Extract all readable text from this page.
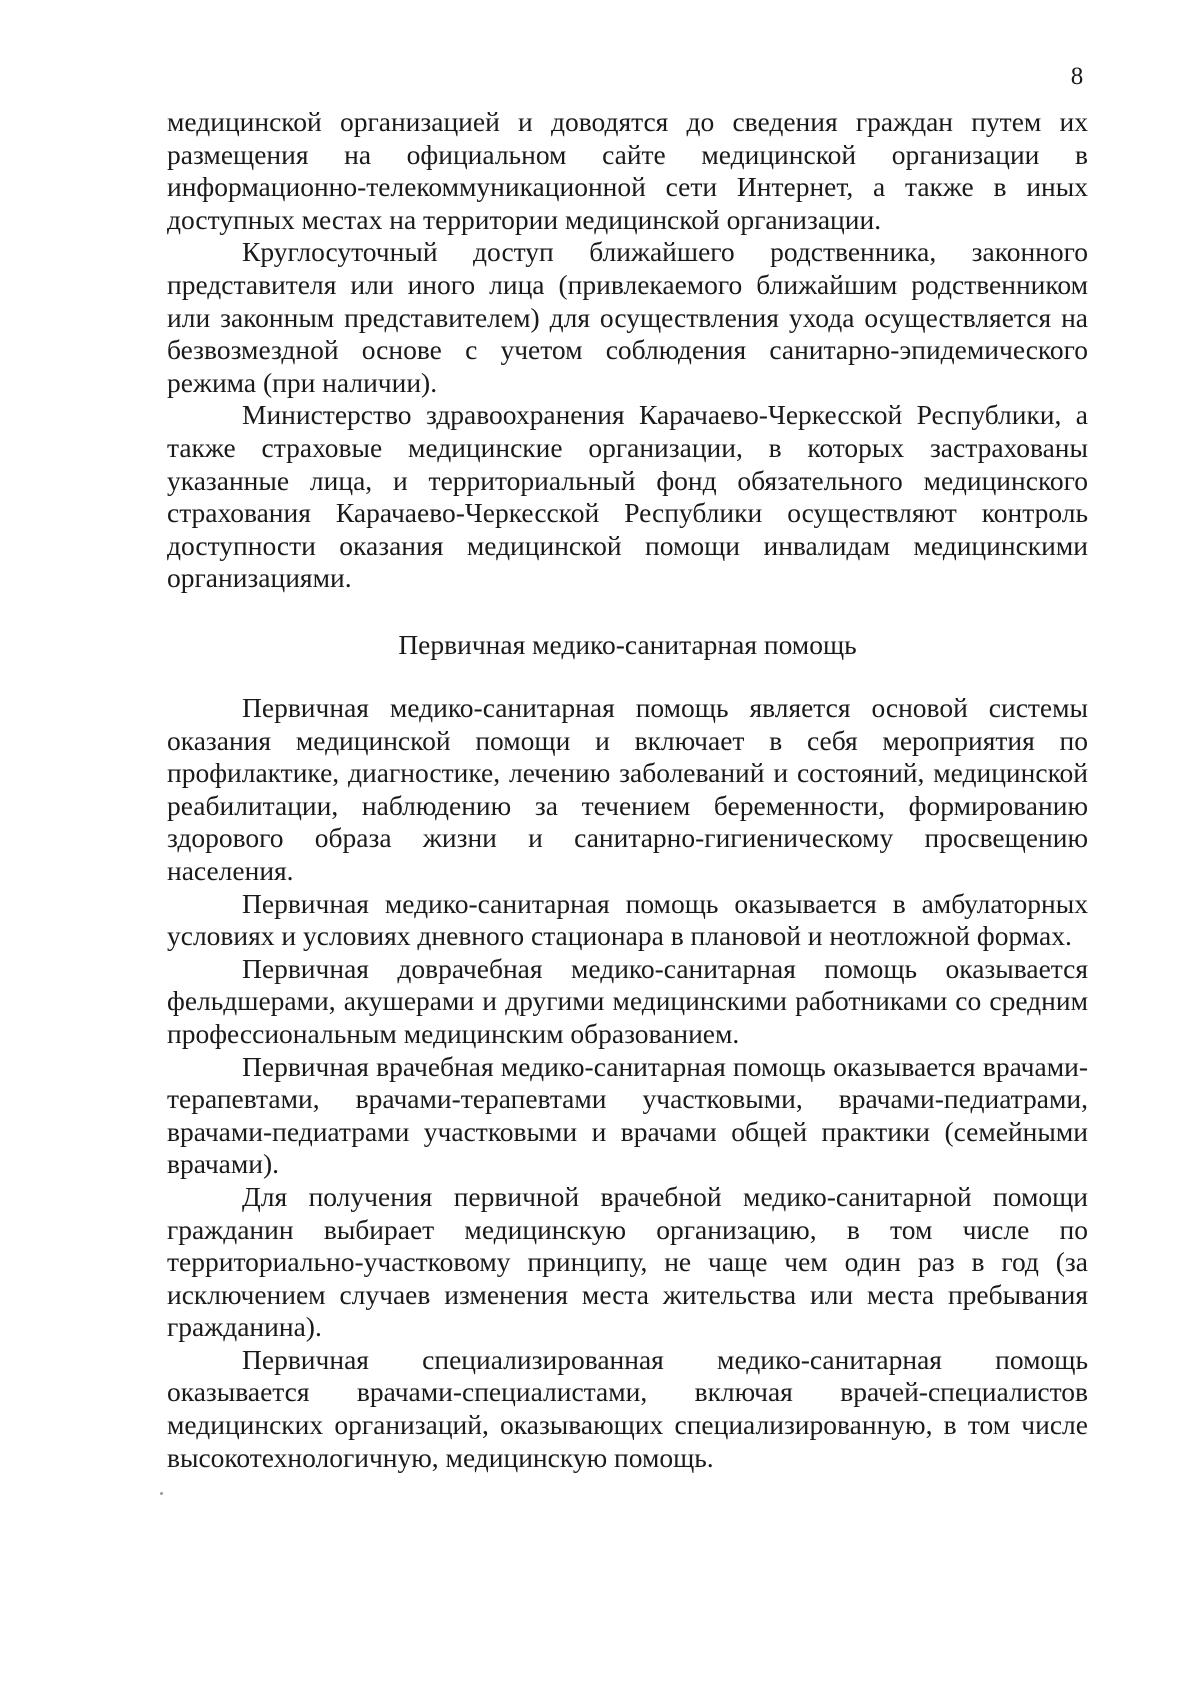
8

медицинской организацией и доводятся до сведения граждан путем их размещения на официальном сайте медицинской организации в информационно-телекоммуникационной сети Интернет, а также в иных доступных местах на территории медицинской организации.

Круглосуточный доступ ближайшего родственника, законного представителя или иного лица (привлекаемого ближайшим родственником или законным представителем) для осуществления ухода осуществляется на безвозмездной основе с учетом соблюдения санитарно-эпидемического режима (при наличии).

Министерство здравоохранения Карачаево-Черкесской Республики, а также страховые медицинские организации, в которых застрахованы указанные лица, и территориальный фонд обязательного медицинского страхования Карачаево-Черкесской Республики осуществляют контроль доступности оказания медицинской помощи инвалидам медицинскими организациями.

Первичная медико-санитарная помощь

Первичная медико-санитарная помощь является основой системы оказания медицинской помощи и включает в себя мероприятия по профилактике, диагностике, лечению заболеваний и состояний, медицинской реабилитации, наблюдению за течением беременности, формированию здорового образа жизни и санитарно-гигиеническому просвещению населения.

Первичная медико-санитарная помощь оказывается в амбулаторных условиях и условиях дневного стационара в плановой и неотложной формах.

Первичная доврачебная медико-санитарная помощь оказывается фельдшерами, акушерами и другими медицинскими работниками со средним профессиональным медицинским образованием.

Первичная врачебная медико-санитарная помощь оказывается врачами-терапевтами, врачами-терапевтами участковыми, врачами-педиатрами, врачами-педиатрами участковыми и врачами общей практики (семейными врачами).

Для получения первичной врачебной медико-санитарной помощи гражданин выбирает медицинскую организацию, в том числе по территориально-участковому принципу, не чаще чем один раз в год (за исключением случаев изменения места жительства или места пребывания гражданина).

Первичная специализированная медико-санитарная помощь оказывается врачами-специалистами, включая врачей-специалистов медицинских организаций, оказывающих специализированную, в том числе высокотехнологичную, медицинскую помощь.
